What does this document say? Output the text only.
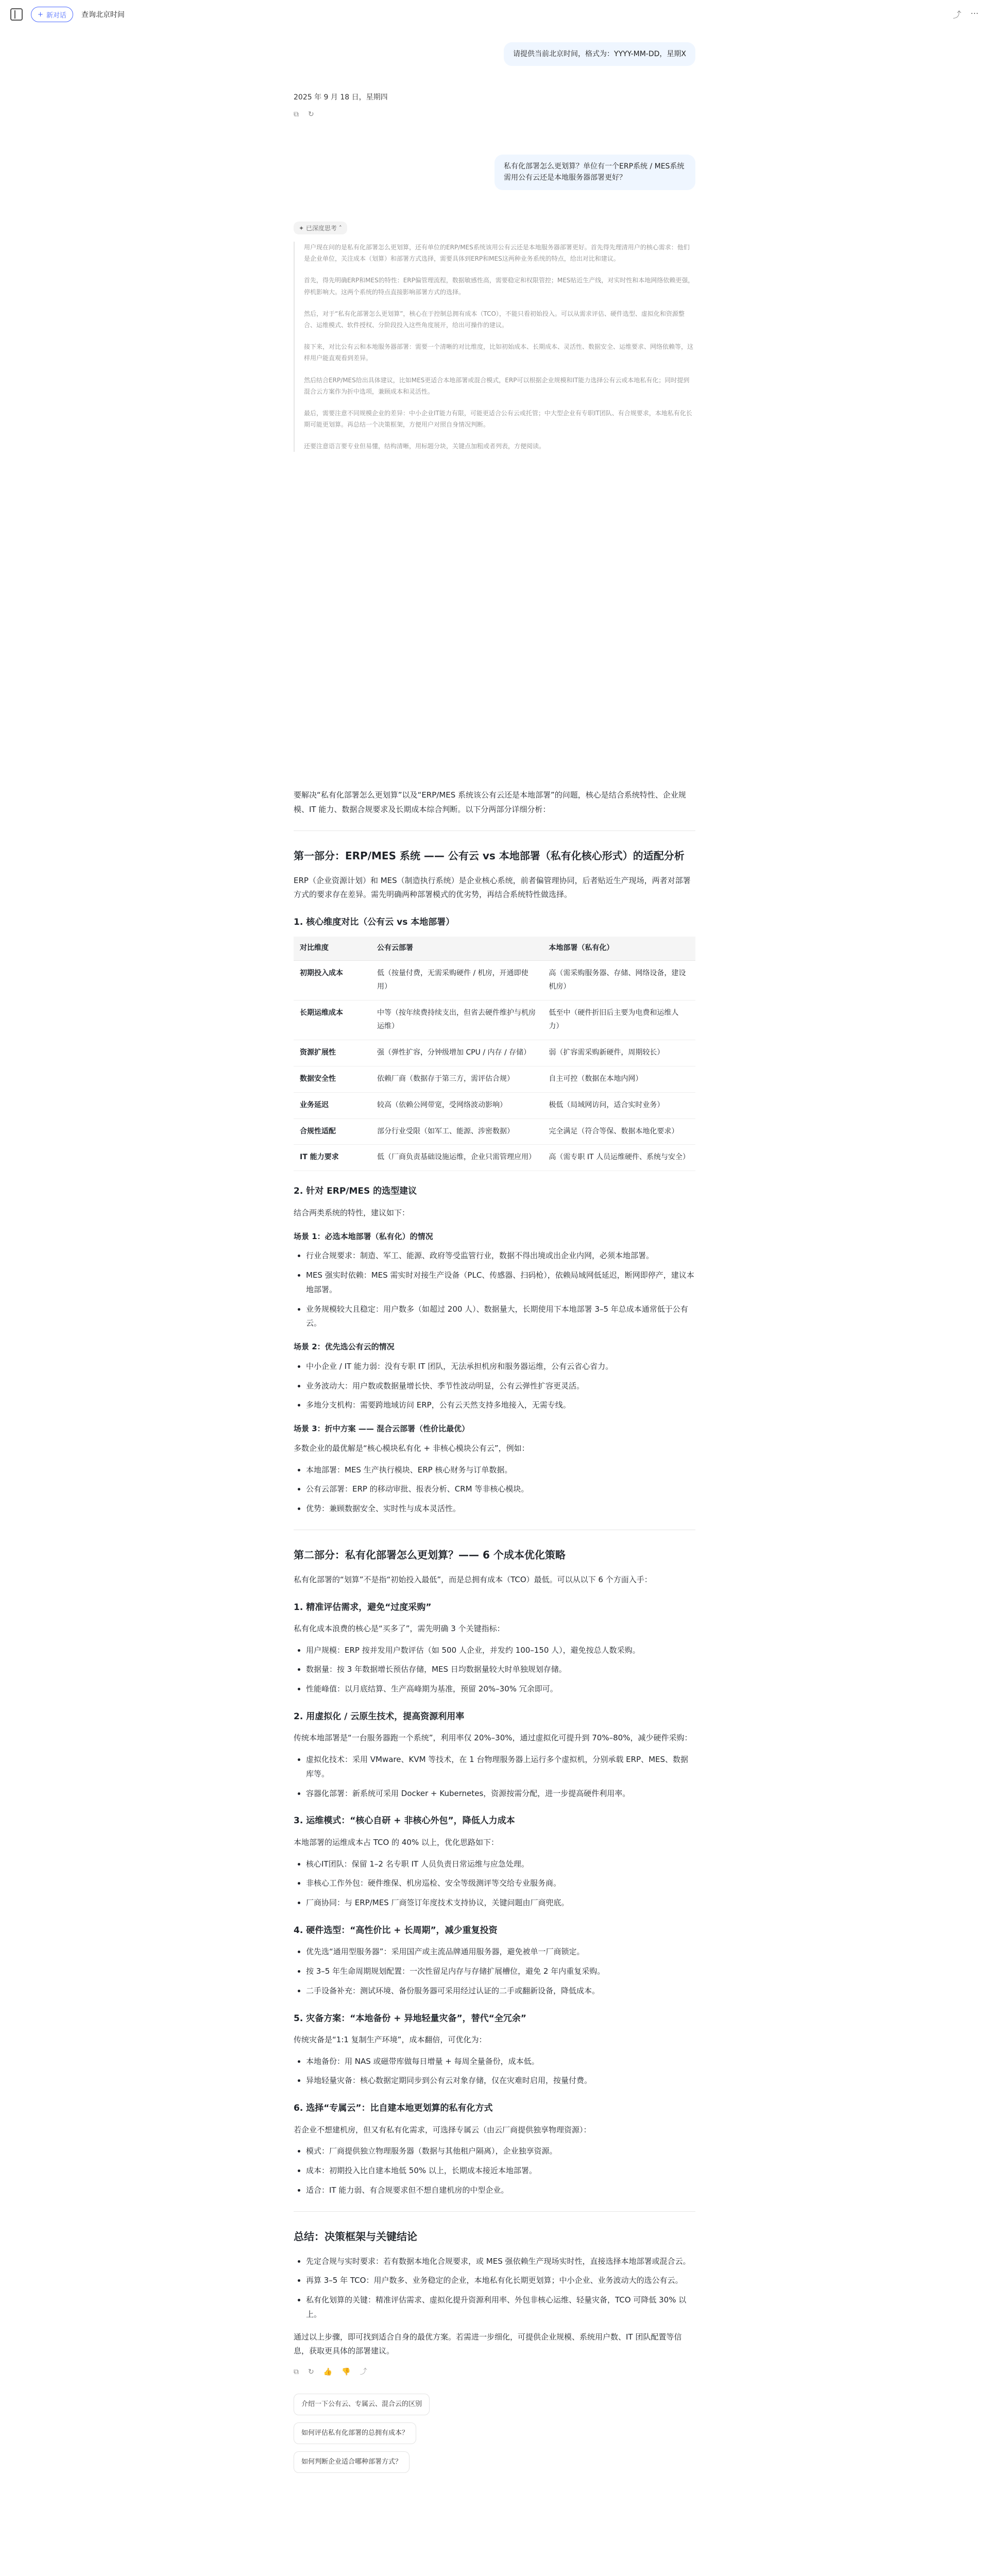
+ 新对话 查询北京时间	⤴ ⋯
请提供当前北京时间，格式为：YYYY-MM-DD，星期X
2025 年 9 月 18 日，星期四
⧉ ↻
私有化部署怎么更划算？单位有一个ERP系统 / MES系统需用公有云还是本地服务器部署更好？
✦ 已深度思考 ˄

用户现在问的是私有化部署怎么更划算，还有单位的ERP/MES系统该用公有云还是本地服务器部署更好。首先得先理清用户的核心需求：他们是企业单位，关注成本（划算）和部署方式选择，需要具体到ERP和MES这两种业务系统的特点，给出对比和建议。

首先，得先明确ERP和MES的特性：ERP偏管理流程，数据敏感性高，需要稳定和权限管控；MES贴近生产线，对实时性和本地网络依赖更强，停机影响大。这两个系统的特点直接影响部署方式的选择。

然后，对于“私有化部署怎么更划算”，核心在于控制总拥有成本（TCO），不能只看初始投入。可以从需求评估、硬件选型、虚拟化和资源整合、运维模式、软件授权、分阶段投入这些角度展开，给出可操作的建议。

接下来，对比公有云和本地服务器部署：需要一个清晰的对比维度，比如初始成本、长期成本、灵活性、数据安全、运维要求、网络依赖等，这样用户能直观看到差异。

然后结合ERP/MES给出具体建议，比如MES更适合本地部署或混合模式，ERP可以根据企业规模和IT能力选择公有云或本地私有化；同时提到混合云方案作为折中选项，兼顾成本和灵活性。

最后，需要注意不同规模企业的差异：中小企业IT能力有限，可能更适合公有云或托管；中大型企业有专职IT团队、有合规要求，本地私有化长期可能更划算。再总结一个决策框架，方便用户对照自身情况判断。

还要注意语言要专业但易懂，结构清晰，用标题分块，关键点加粗或者列表，方便阅读。

要解决“私有化部署怎么更划算”以及“ERP/MES 系统该公有云还是本地部署”的问题，核心是结合系统特性、企业规模、IT 能力、数据合规要求及长期成本综合判断。以下分两部分详细分析：

第一部分：ERP/MES 系统 —— 公有云 vs 本地部署（私有化核心形式）的适配分析

ERP（企业资源计划）和 MES（制造执行系统）是企业核心系统，前者偏管理协同，后者贴近生产现场，两者对部署方式的要求存在差异。需先明确两种部署模式的优劣势，再结合系统特性做选择。

1. 核心维度对比（公有云 vs 本地部署）
对比维度	公有云部署	本地部署（私有化）
初期投入成本	低（按量付费，无需采购硬件 / 机房，开通即使用）	高（需采购服务器、存储、网络设备，建设机房）
长期运维成本	中等（按年续费持续支出，但省去硬件维护与机房运维）	低至中（硬件折旧后主要为电费和运维人力）
资源扩展性	强（弹性扩容，分钟级增加 CPU / 内存 / 存储）	弱（扩容需采购新硬件，周期较长）
数据安全性	依赖厂商（数据存于第三方，需评估合规）	自主可控（数据在本地内网）
业务延迟	较高（依赖公网带宽，受网络波动影响）	极低（局域网访问，适合实时业务）
合规性适配	部分行业受限（如军工、能源、涉密数据）	完全满足（符合等保、数据本地化要求）
IT 能力要求	低（厂商负责基础设施运维，企业只需管理应用）	高（需专职 IT 人员运维硬件、系统与安全）
2. 针对 ERP/MES 的选型建议

结合两类系统的特性，建议如下：

场景 1：必选本地部署（私有化）的情况
• 行业合规要求：制造、军工、能源、政府等受监管行业，数据不得出境或出企业内网，必须本地部署。
• MES 强实时依赖：MES 需实时对接生产设备（PLC、传感器、扫码枪），依赖局域网低延迟，断网即停产，建议本地部署。
• 业务规模较大且稳定：用户数多（如超过 200 人）、数据量大，长期使用下本地部署 3–5 年总成本通常低于公有云。
场景 2：优先选公有云的情况
• 中小企业 / IT 能力弱：没有专职 IT 团队，无法承担机房和服务器运维，公有云省心省力。
• 业务波动大：用户数或数据量增长快、季节性波动明显，公有云弹性扩容更灵活。
• 多地分支机构：需要跨地域访问 ERP，公有云天然支持多地接入，无需专线。
场景 3：折中方案 —— 混合云部署（性价比最优）

多数企业的最优解是“核心模块私有化 + 非核心模块公有云”，例如：

• 本地部署：MES 生产执行模块、ERP 核心财务与订单数据。
• 公有云部署：ERP 的移动审批、报表分析、CRM 等非核心模块。
• 优势：兼顾数据安全、实时性与成本灵活性。
第二部分：私有化部署怎么更划算？—— 6 个成本优化策略

私有化部署的“划算”不是指“初始投入最低”，而是总拥有成本（TCO）最低。可以从以下 6 个方面入手：

1. 精准评估需求，避免“过度采购”

私有化成本浪费的核心是“买多了”，需先明确 3 个关键指标：

• 用户规模：ERP 按并发用户数评估（如 500 人企业，并发约 100–150 人），避免按总人数采购。
• 数据量：按 3 年数据增长预估存储，MES 日均数据量较大时单独规划存储。
• 性能峰值：以月底结算、生产高峰期为基准，预留 20%–30% 冗余即可。
2. 用虚拟化 / 云原生技术，提高资源利用率

传统本地部署是“一台服务器跑一个系统”，利用率仅 20%–30%，通过虚拟化可提升到 70%–80%，减少硬件采购：

• 虚拟化技术：采用 VMware、KVM 等技术，在 1 台物理服务器上运行多个虚拟机，分别承载 ERP、MES、数据库等。
• 容器化部署：新系统可采用 Docker + Kubernetes，资源按需分配，进一步提高硬件利用率。
3. 运维模式：“核心自研 + 非核心外包”，降低人力成本

本地部署的运维成本占 TCO 的 40% 以上，优化思路如下：

• 核心IT团队：保留 1–2 名专职 IT 人员负责日常运维与应急处理。
• 非核心工作外包：硬件维保、机房巡检、安全等级测评等交给专业服务商。
• 厂商协同：与 ERP/MES 厂商签订年度技术支持协议，关键问题由厂商兜底。
4. 硬件选型：“高性价比 + 长周期”，减少重复投资
• 优先选“通用型服务器”：采用国产或主流品牌通用服务器，避免被单一厂商锁定。
• 按 3–5 年生命周期规划配置：一次性留足内存与存储扩展槽位，避免 2 年内重复采购。
• 二手设备补充：测试环境、备份服务器可采用经过认证的二手或翻新设备，降低成本。
5. 灾备方案：“本地备份 + 异地轻量灾备”，替代“全冗余”

传统灾备是“1:1 复制生产环境”，成本翻倍，可优化为：

• 本地备份：用 NAS 或磁带库做每日增量 + 每周全量备份，成本低。
• 异地轻量灾备：核心数据定期同步到公有云对象存储，仅在灾难时启用，按量付费。
6. 选择“专属云”：比自建本地更划算的私有化方式

若企业不想建机房，但又有私有化需求，可选择专属云（由云厂商提供独享物理资源）：

• 模式：厂商提供独立物理服务器（数据与其他租户隔离），企业独享资源。
• 成本：初期投入比自建本地低 50% 以上，长期成本接近本地部署。
• 适合：IT 能力弱、有合规要求但不想自建机房的中型企业。
总结：决策框架与关键结论
• 先定合规与实时要求：若有数据本地化合规要求，或 MES 强依赖生产现场实时性，直接选择本地部署或混合云。
• 再算 3–5 年 TCO：用户数多、业务稳定的企业，本地私有化长期更划算；中小企业、业务波动大的选公有云。
• 私有化划算的关键：精准评估需求、虚拟化提升资源利用率、外包非核心运维、轻量灾备，TCO 可降低 30% 以上。

通过以上步骤，即可找到适合自身的最优方案。若需进一步细化，可提供企业规模、系统用户数、IT 团队配置等信息，获取更具体的部署建议。

⧉ ↻ 👍 👎 ⤴
介绍一下公有云、专属云、混合云的区别
如何评估私有化部署的总拥有成本？
如何判断企业适合哪种部署方式？
